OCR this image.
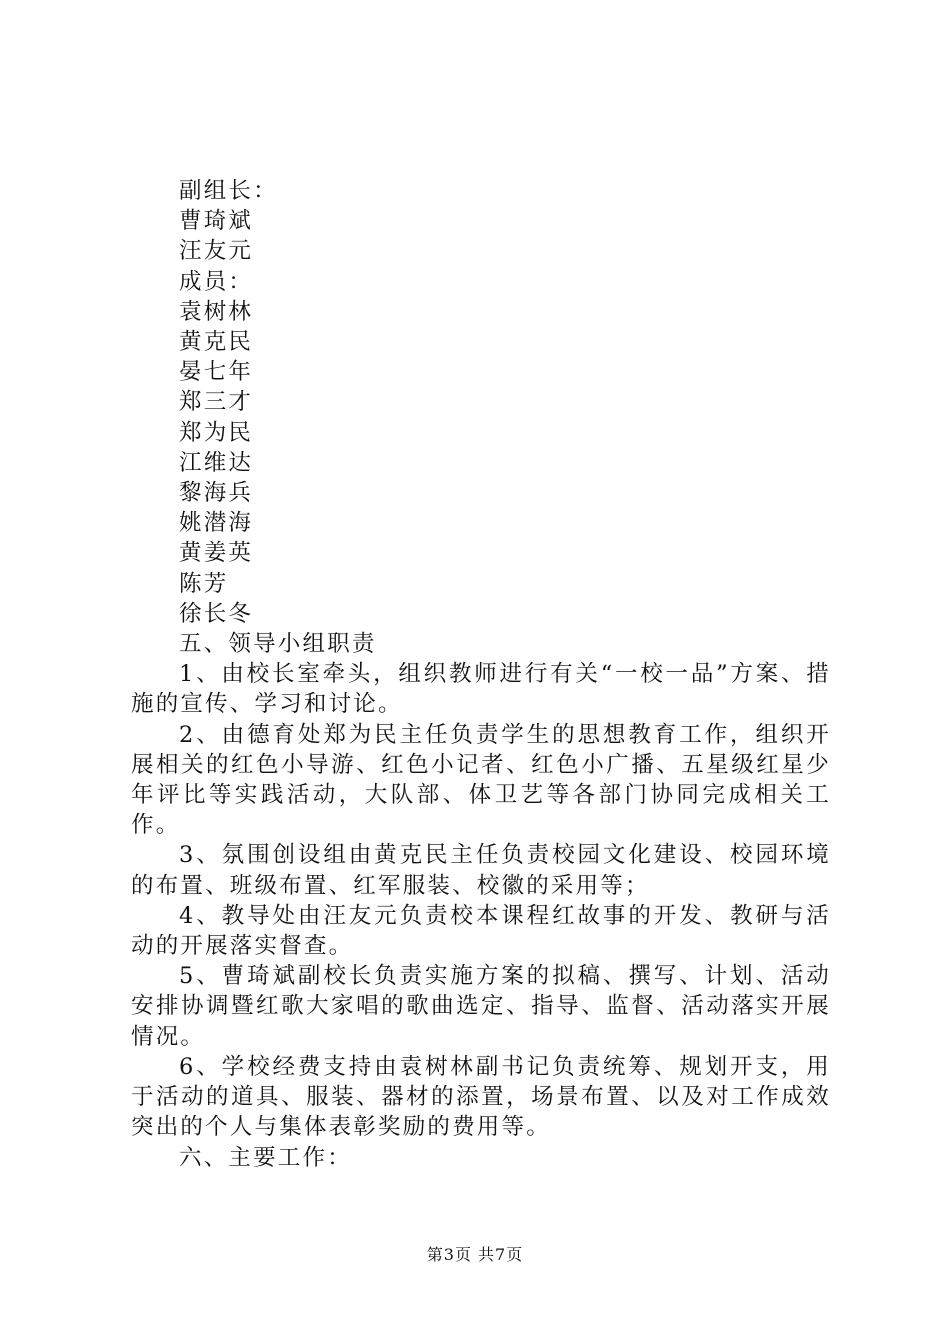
副组长：

曹琦斌

汪友元

成员：

袁树林

黄克民

晏七年

郑三才

郑为民

江维达

黎海兵

姚潜海

黄姜英

陈芳

徐长冬

五、领导小组职责

1、由校长室牵头，组织教师进行有关“一校一品”方案、措施的宣传、学习和讨论。

2、由德育处郑为民主任负责学生的思想教育工作，组织开展相关的红色小导游、红色小记者、红色小广播、五星级红星少年评比等实践活动，大队部、体卫艺等各部门协同完成相关工作。

3、氛围创设组由黄克民主任负责校园文化建设、校园环境的布置、班级布置、红军服装、校徽的采用等；

4、教导处由汪友元负责校本课程红故事的开发、教研与活动的开展落实督查。

5、曹琦斌副校长负责实施方案的拟稿、撰写、计划、活动安排协调暨红歌大家唱的歌曲选定、指导、监督、活动落实开展情况。

6、学校经费支持由袁树林副书记负责统筹、规划开支，用于活动的道具、服装、器材的添置，场景布置、以及对工作成效突出的个人与集体表彰奖励的费用等。

六、主要工作：

第3页 共7页
